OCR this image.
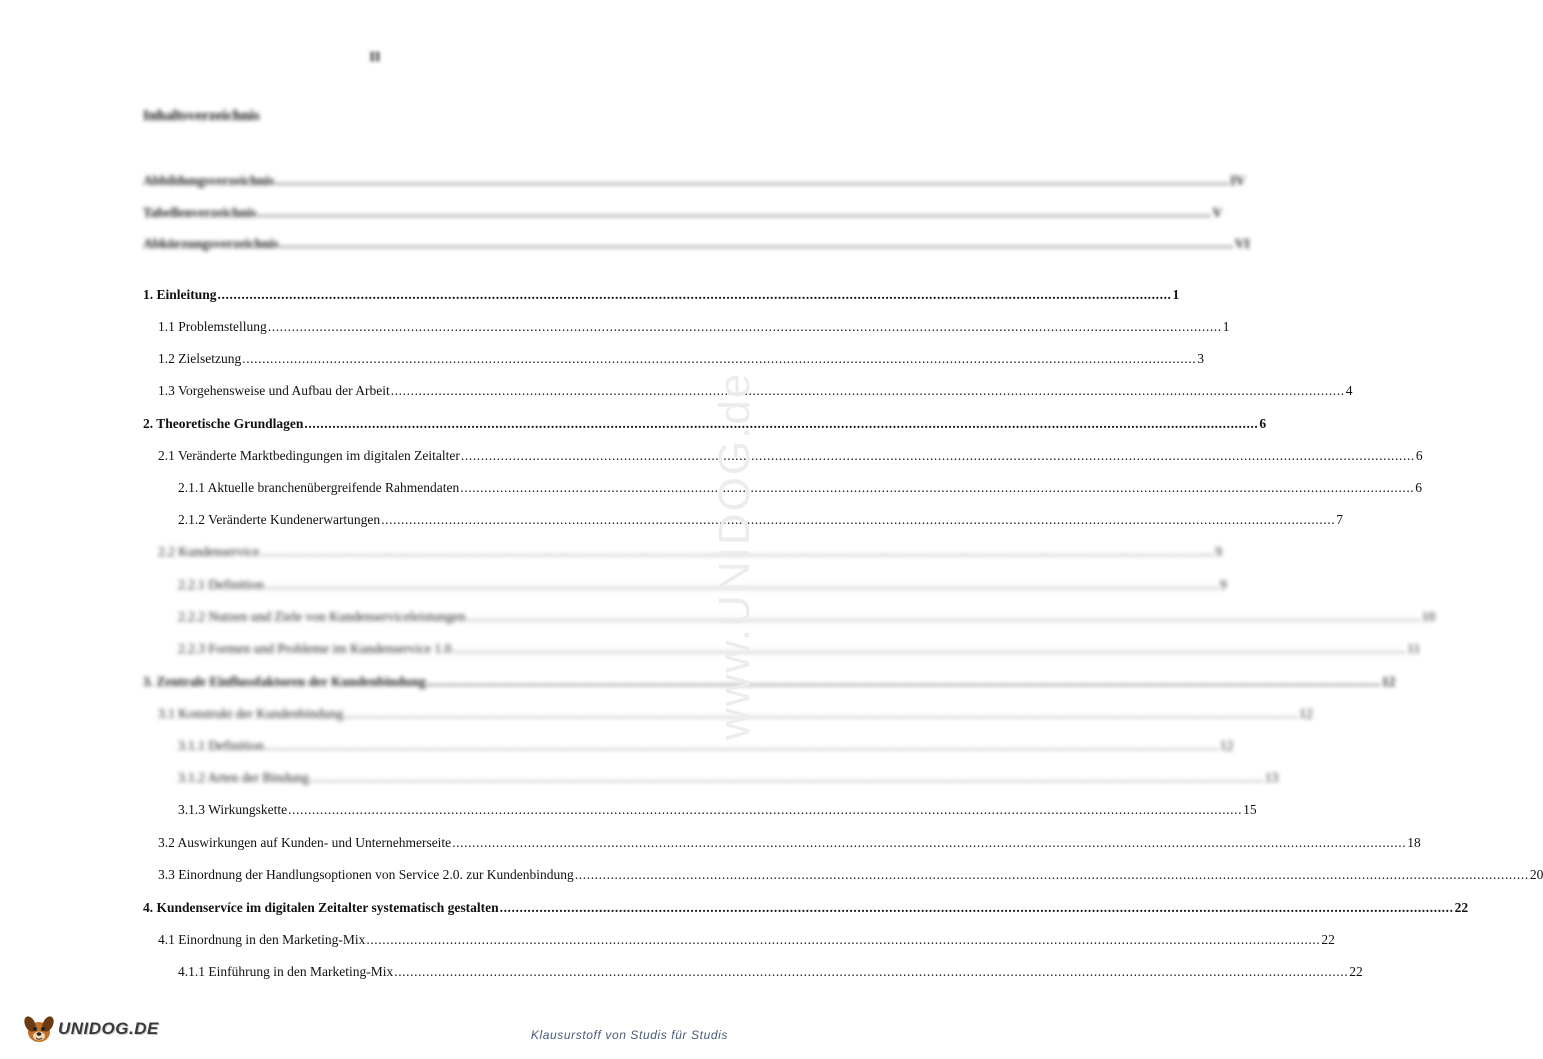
II
Inhaltsverzeichnis
Abbildungsverzeichnis .....	IV
Tabellenverzeichnis .....	V
Abkürzungsverzeichnis .....	VI
1. Einleitung .....	1
1.1 Problemstellung .....	1
1.2 Zielsetzung .....	3
1.3 Vorgehensweise und Aufbau der Arbeit .....	4
2. Theoretische Grundlagen .....	6
2.1 Veränderte Marktbedingungen im digitalen Zeitalter .....	6
2.1.1 Aktuelle branchenübergreifende Rahmendaten .....	6
2.1.2 Veränderte Kundenerwartungen .....	7
2.2 Kundenservice .....	9
2.2.1 Definition .....	9
2.2.2 Nutzen und Ziele von Kundenserviceleistungen .....	10
2.2.3 Formen und Probleme im Kundenservice 1.0 .....	11
3. Zentrale Einflussfaktoren der Kundenbindung .....	12
3.1 Konstrukt der Kundenbindung .....	12
3.1.1 Definition .....	12
3.1.2 Arten der Bindung .....	13
3.1.3 Wirkungskette .....	15
3.2 Auswirkungen auf Kunden- und Unternehmerseite .....	18
3.3 Einordnung der Handlungsoptionen von Service 2.0. zur Kundenbindung .....	20
4. Kundenservíce im digitalen Zeitalter systematisch gestalten .....	22
4.1 Einordnung in den Marketing-Mix .....	22
4.1.1 Einführung in den Marketing-Mix .....	22
www.UNIDOG.de
UNIDOG.DE	Klausurstoff von Studis für Studis
